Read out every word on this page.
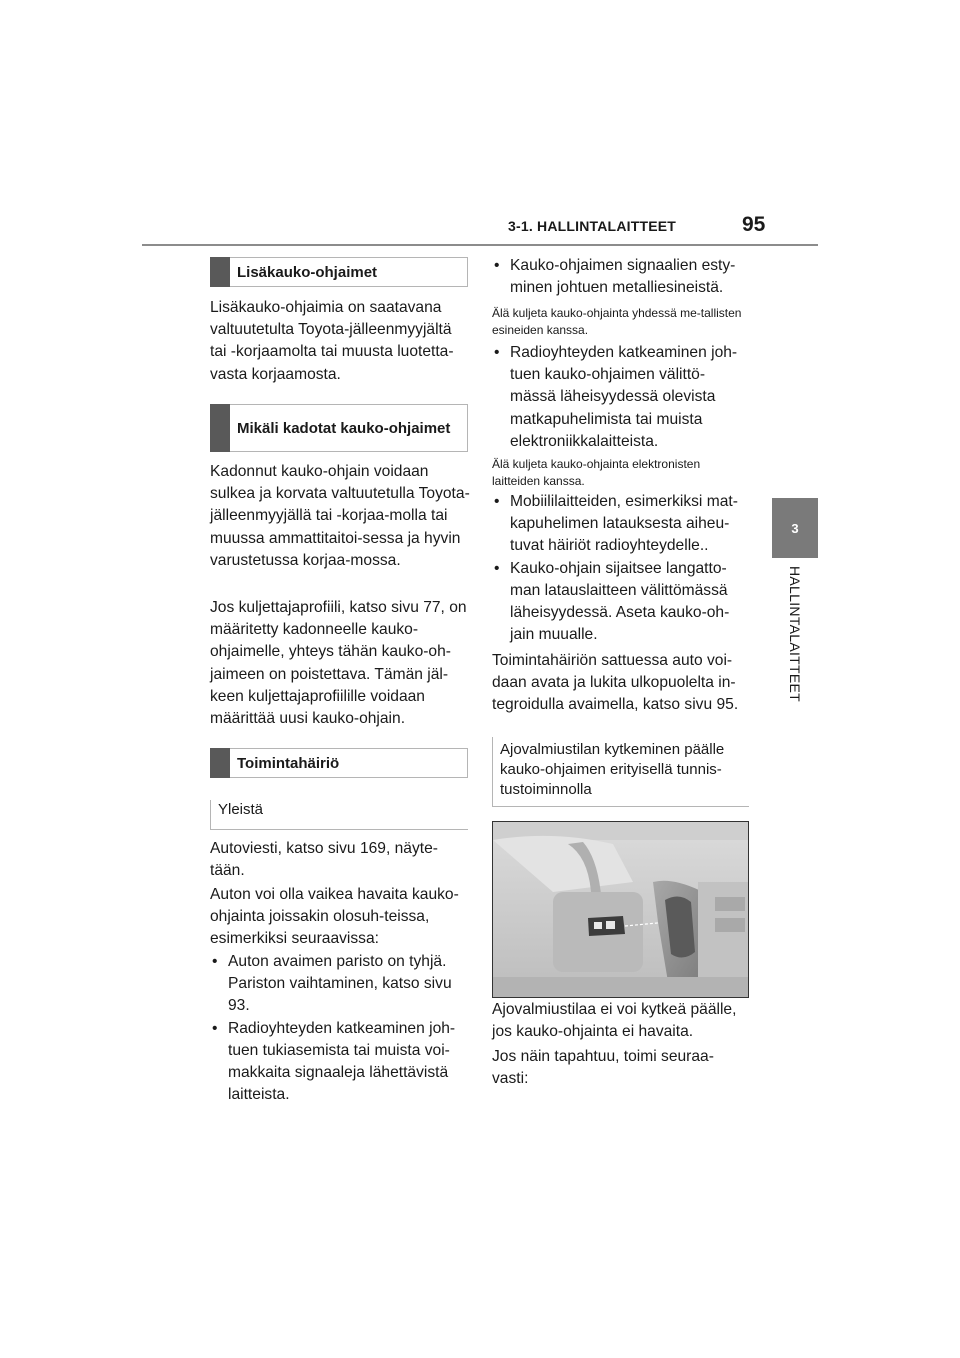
3-1. HALLINTALAITTEET	95
3
HALLINTALAITTEET
Lisäkauko-ohjaimet
Lisäkauko-ohjaimia on saatavana valtuutetulta Toyota-jälleenmyyjältä tai -korjaamolta tai muusta luotetta-vasta korjaamosta.
Mikäli kadotat kauko-ohjaimet
Kadonnut kauko-ohjain voidaan sulkea ja korvata valtuutetulla Toyota-jälleenmyyjällä tai -korjaa-molla tai muussa ammattitaitoi-sessa ja hyvin varustetussa korjaa-mossa.
Jos kuljettajaprofiili, katso sivu 77, on määritetty kadonneelle kauko-ohjaimelle, yhteys tähän kauko-oh-jaimeen on poistettava. Tämän jäl-keen kuljettajaprofiilille voidaan määrittää uusi kauko-ohjain.
Toimintahäiriö
Yleistä
Autoviesti, katso sivu 169, näyte-tään.
Auton voi olla vaikea havaita kauko-ohjainta joissakin olosuh-teissa, esimerkiksi seuraavissa:
• Auton avaimen paristo on tyhjä. Pariston vaihtaminen, katso sivu 93.
• Radioyhteyden katkeaminen joh-tuen tukiasemista tai muista voi-makkaita signaaleja lähettävistä laitteista.
• Kauko-ohjaimen signaalien esty-minen johtuen metalliesineistä.
Älä kuljeta kauko-ohjainta yhdessä me-tallisten esineiden kanssa.
• Radioyhteyden katkeaminen joh-tuen kauko-ohjaimen välittö-mässä läheisyydessä olevista matkapuhelimista tai muista elektroniikkalaitteista.
Älä kuljeta kauko-ohjainta elektronisten laitteiden kanssa.
• Mobiililaitteiden, esimerkiksi mat-kapuhelimen latauksesta aiheu-tuvat häiriöt radioyhteydelle..
• Kauko-ohjain sijaitsee langatto-man latauslaitteen välittömässä läheisyydessä. Aseta kauko-oh-jain muualle.
Toimintahäiriön sattuessa auto voi-daan avata ja lukita ulkopuolelta in-tegroidulla avaimella, katso sivu 95.
Ajovalmiustilan kytkeminen päälle kauko-ohjaimen erityisellä tunnis-tustoiminnolla
Ajovalmiustilaa ei voi kytkeä päälle, jos kauko-ohjainta ei havaita.
Jos näin tapahtuu, toimi seuraa-vasti:
